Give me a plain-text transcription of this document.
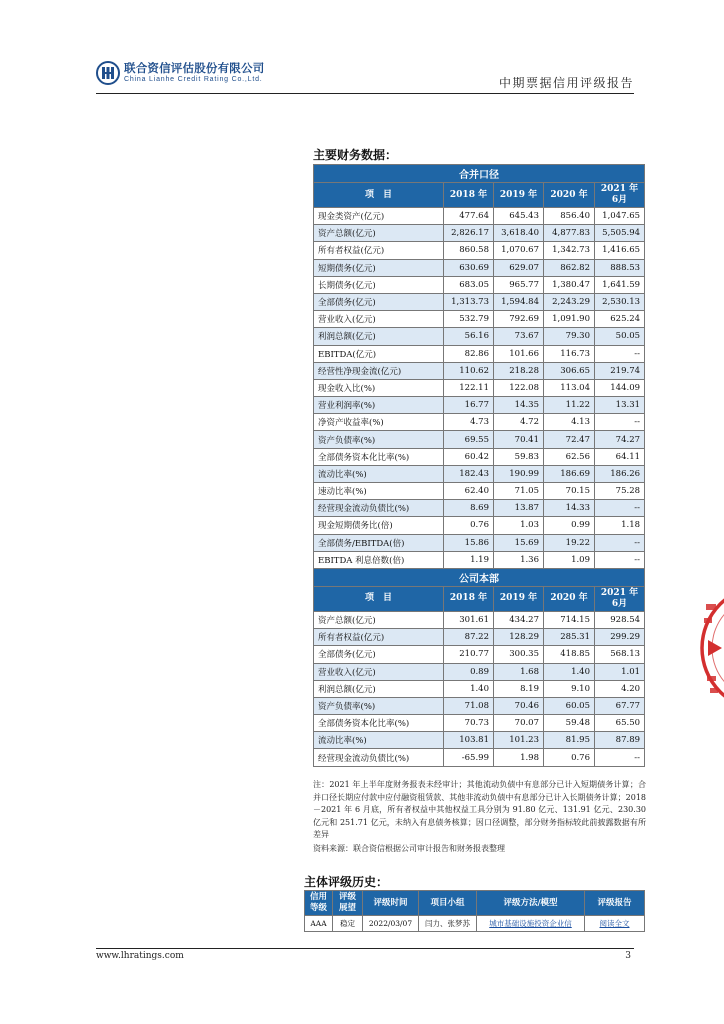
联合资信评估股份有限公司
China Lianhe Credit Rating Co.,Ltd.	中期票据信用评级报告
主要财务数据：
合并口径				
项　目	2018 年	2019 年	2020 年	2021 年 6月
现金类资产(亿元)	477.64	645.43	856.40	1,047.65
资产总额(亿元)	2,826.17	3,618.40	4,877.83	5,505.94
所有者权益(亿元)	860.58	1,070.67	1,342.73	1,416.65
短期债务(亿元)	630.69	629.07	862.82	888.53
长期债务(亿元)	683.05	965.77	1,380.47	1,641.59
全部债务(亿元)	1,313.73	1,594.84	2,243.29	2,530.13
营业收入(亿元)	532.79	792.69	1,091.90	625.24
利润总额(亿元)	56.16	73.67	79.30	50.05
EBITDA(亿元)	82.86	101.66	116.73	--
经营性净现金流(亿元)	110.62	218.28	306.65	219.74
现金收入比(%)	122.11	122.08	113.04	144.09
营业利润率(%)	16.77	14.35	11.22	13.31
净资产收益率(%)	4.73	4.72	4.13	--
资产负债率(%)	69.55	70.41	72.47	74.27
全部债务资本化比率(%)	60.42	59.83	62.56	64.11
流动比率(%)	182.43	190.99	186.69	186.26
速动比率(%)	62.40	71.05	70.15	75.28
经营现金流动负债比(%)	8.69	13.87	14.33	--
现金短期债务比(倍)	0.76	1.03	0.99	1.18
全部债务/EBITDA(倍)	15.86	15.69	19.22	--
EBITDA 利息倍数(倍)	1.19	1.36	1.09	--
公司本部				
项　目	2018 年	2019 年	2020 年	2021 年 6月
资产总额(亿元)	301.61	434.27	714.15	928.54
所有者权益(亿元)	87.22	128.29	285.31	299.29
全部债务(亿元)	210.77	300.35	418.85	568.13
营业收入(亿元)	0.89	1.68	1.40	1.01
利润总额(亿元)	1.40	8.19	9.10	4.20
资产负债率(%)	71.08	70.46	60.05	67.77
全部债务资本化比率(%)	70.73	70.07	59.48	65.50
流动比率(%)	103.81	101.23	81.95	87.89
经营现金流动负债比(%)	-65.99	1.98	0.76	--
注：2021 年上半年度财务报表未经审计；其他流动负债中有息部分已计入短期债务计算；合并口径长期应付款中应付融资租赁款、其他非流动负债中有息部分已计入长期债务计算；2018－2021 年 6 月底，所有者权益中其他权益工具分别为 91.80 亿元、131.91 亿元、230.30 亿元和 251.71 亿元，未纳入有息债务核算；因口径调整，部分财务指标较此前披露数据有所差异
资料来源：联合资信根据公司审计报告和财务报表整理
主体评级历史：
信用等级	评级展望	评级时间	项目小组	评级方法/模型	评级报告
AAA	稳定	2022/03/07	闫力、张梦苏	城市基础设施投资企业信	阅读全文
www.lhratings.com	3
